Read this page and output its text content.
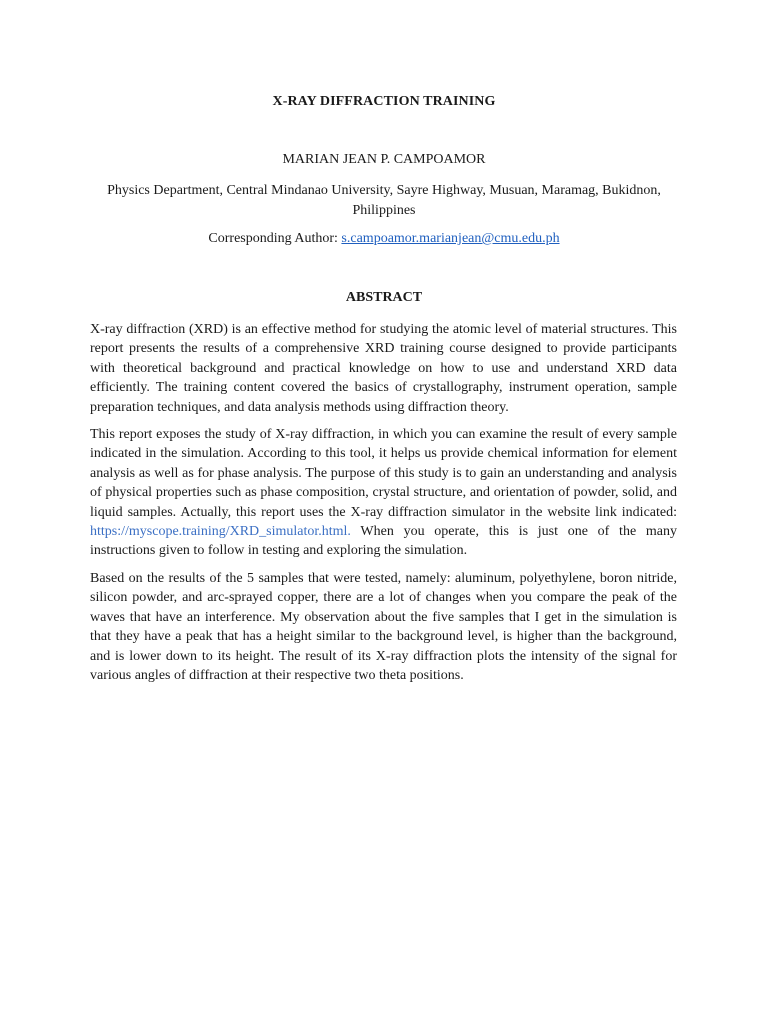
X-RAY DIFFRACTION TRAINING
MARIAN JEAN P. CAMPOAMOR
Physics Department, Central Mindanao University, Sayre Highway, Musuan, Maramag, Bukidnon, Philippines
Corresponding Author: s.campoamor.marianjean@cmu.edu.ph
ABSTRACT

X-ray diffraction (XRD) is an effective method for studying the atomic level of material structures. This report presents the results of a comprehensive XRD training course designed to provide participants with theoretical background and practical knowledge on how to use and understand XRD data efficiently. The training content covered the basics of crystallography, instrument operation, sample preparation techniques, and data analysis methods using diffraction theory.

This report exposes the study of X-ray diffraction, in which you can examine the result of every sample indicated in the simulation. According to this tool, it helps us provide chemical information for element analysis as well as for phase analysis. The purpose of this study is to gain an understanding and analysis of physical properties such as phase composition, crystal structure, and orientation of powder, solid, and liquid samples. Actually, this report uses the X-ray diffraction simulator in the website link indicated: https://myscope.training/XRD_simulator.html. When you operate, this is just one of the many instructions given to follow in testing and exploring the simulation.

Based on the results of the 5 samples that were tested, namely: aluminum, polyethylene, boron nitride, silicon powder, and arc-sprayed copper, there are a lot of changes when you compare the peak of the waves that have an interference. My observation about the five samples that I get in the simulation is that they have a peak that has a height similar to the background level, is higher than the background, and is lower down to its height. The result of its X-ray diffraction plots the intensity of the signal for various angles of diffraction at their respective two theta positions.
